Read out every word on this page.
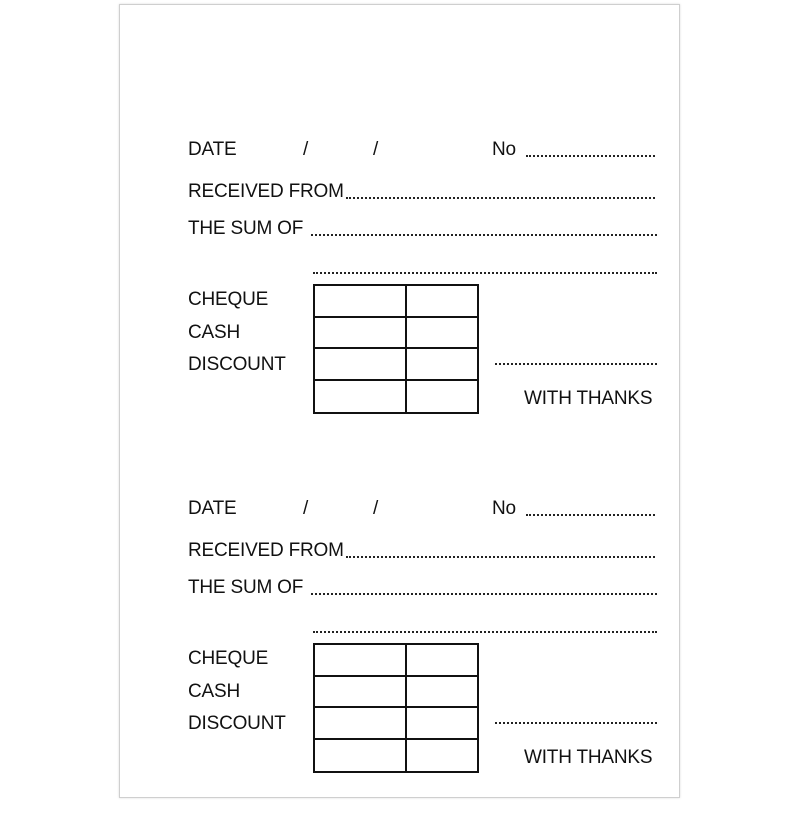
DATE	/	/	No
RECEIVED FROM
THE SUM OF
CHEQUE
CASH
DISCOUNT
WITH THANKS
DATE	/	/	No
RECEIVED FROM
THE SUM OF
CHEQUE
CASH
DISCOUNT
WITH THANKS
